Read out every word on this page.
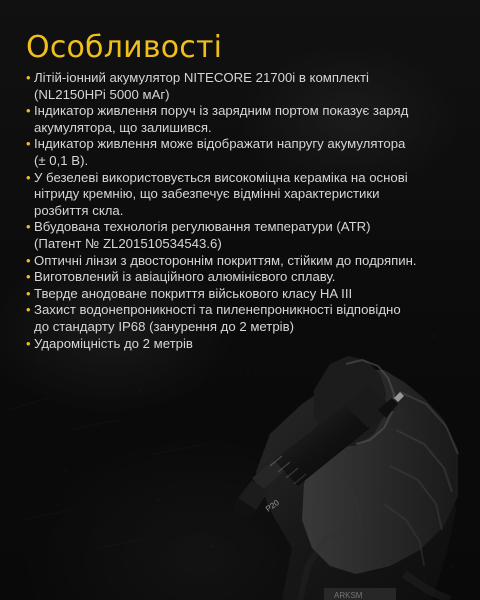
ARKSM
P20
Особливості
• Літій-іонний акумулятор NITECORE 21700і в комплекті
(NL2150HPі 5000 мАг)
• Індикатор живлення поруч із зарядним портом показує заряд
акумулятора, що залишився.
• Індикатор живлення може відображати напругу акумулятора
(± 0,1 В).
• У безелеві використовується високоміцна кераміка на основі
нітриду кремнію, що забезпечує відмінні характеристики
розбиття скла.
• Вбудована технологія регулювання температури (ATR)
(Патент № ZL201510534543.6)
• Оптичні лінзи з двостороннім покриттям, стійким до подряпин.
• Виготовлений із авіаційного алюмінієвого сплаву.
• Тверде анодоване покриття військового класу HA III
• Захист водонепроникності та пиленепроникності відповідно
до стандарту IP68 (занурення до 2 метрів)
• Удароміцність до 2 метрів
